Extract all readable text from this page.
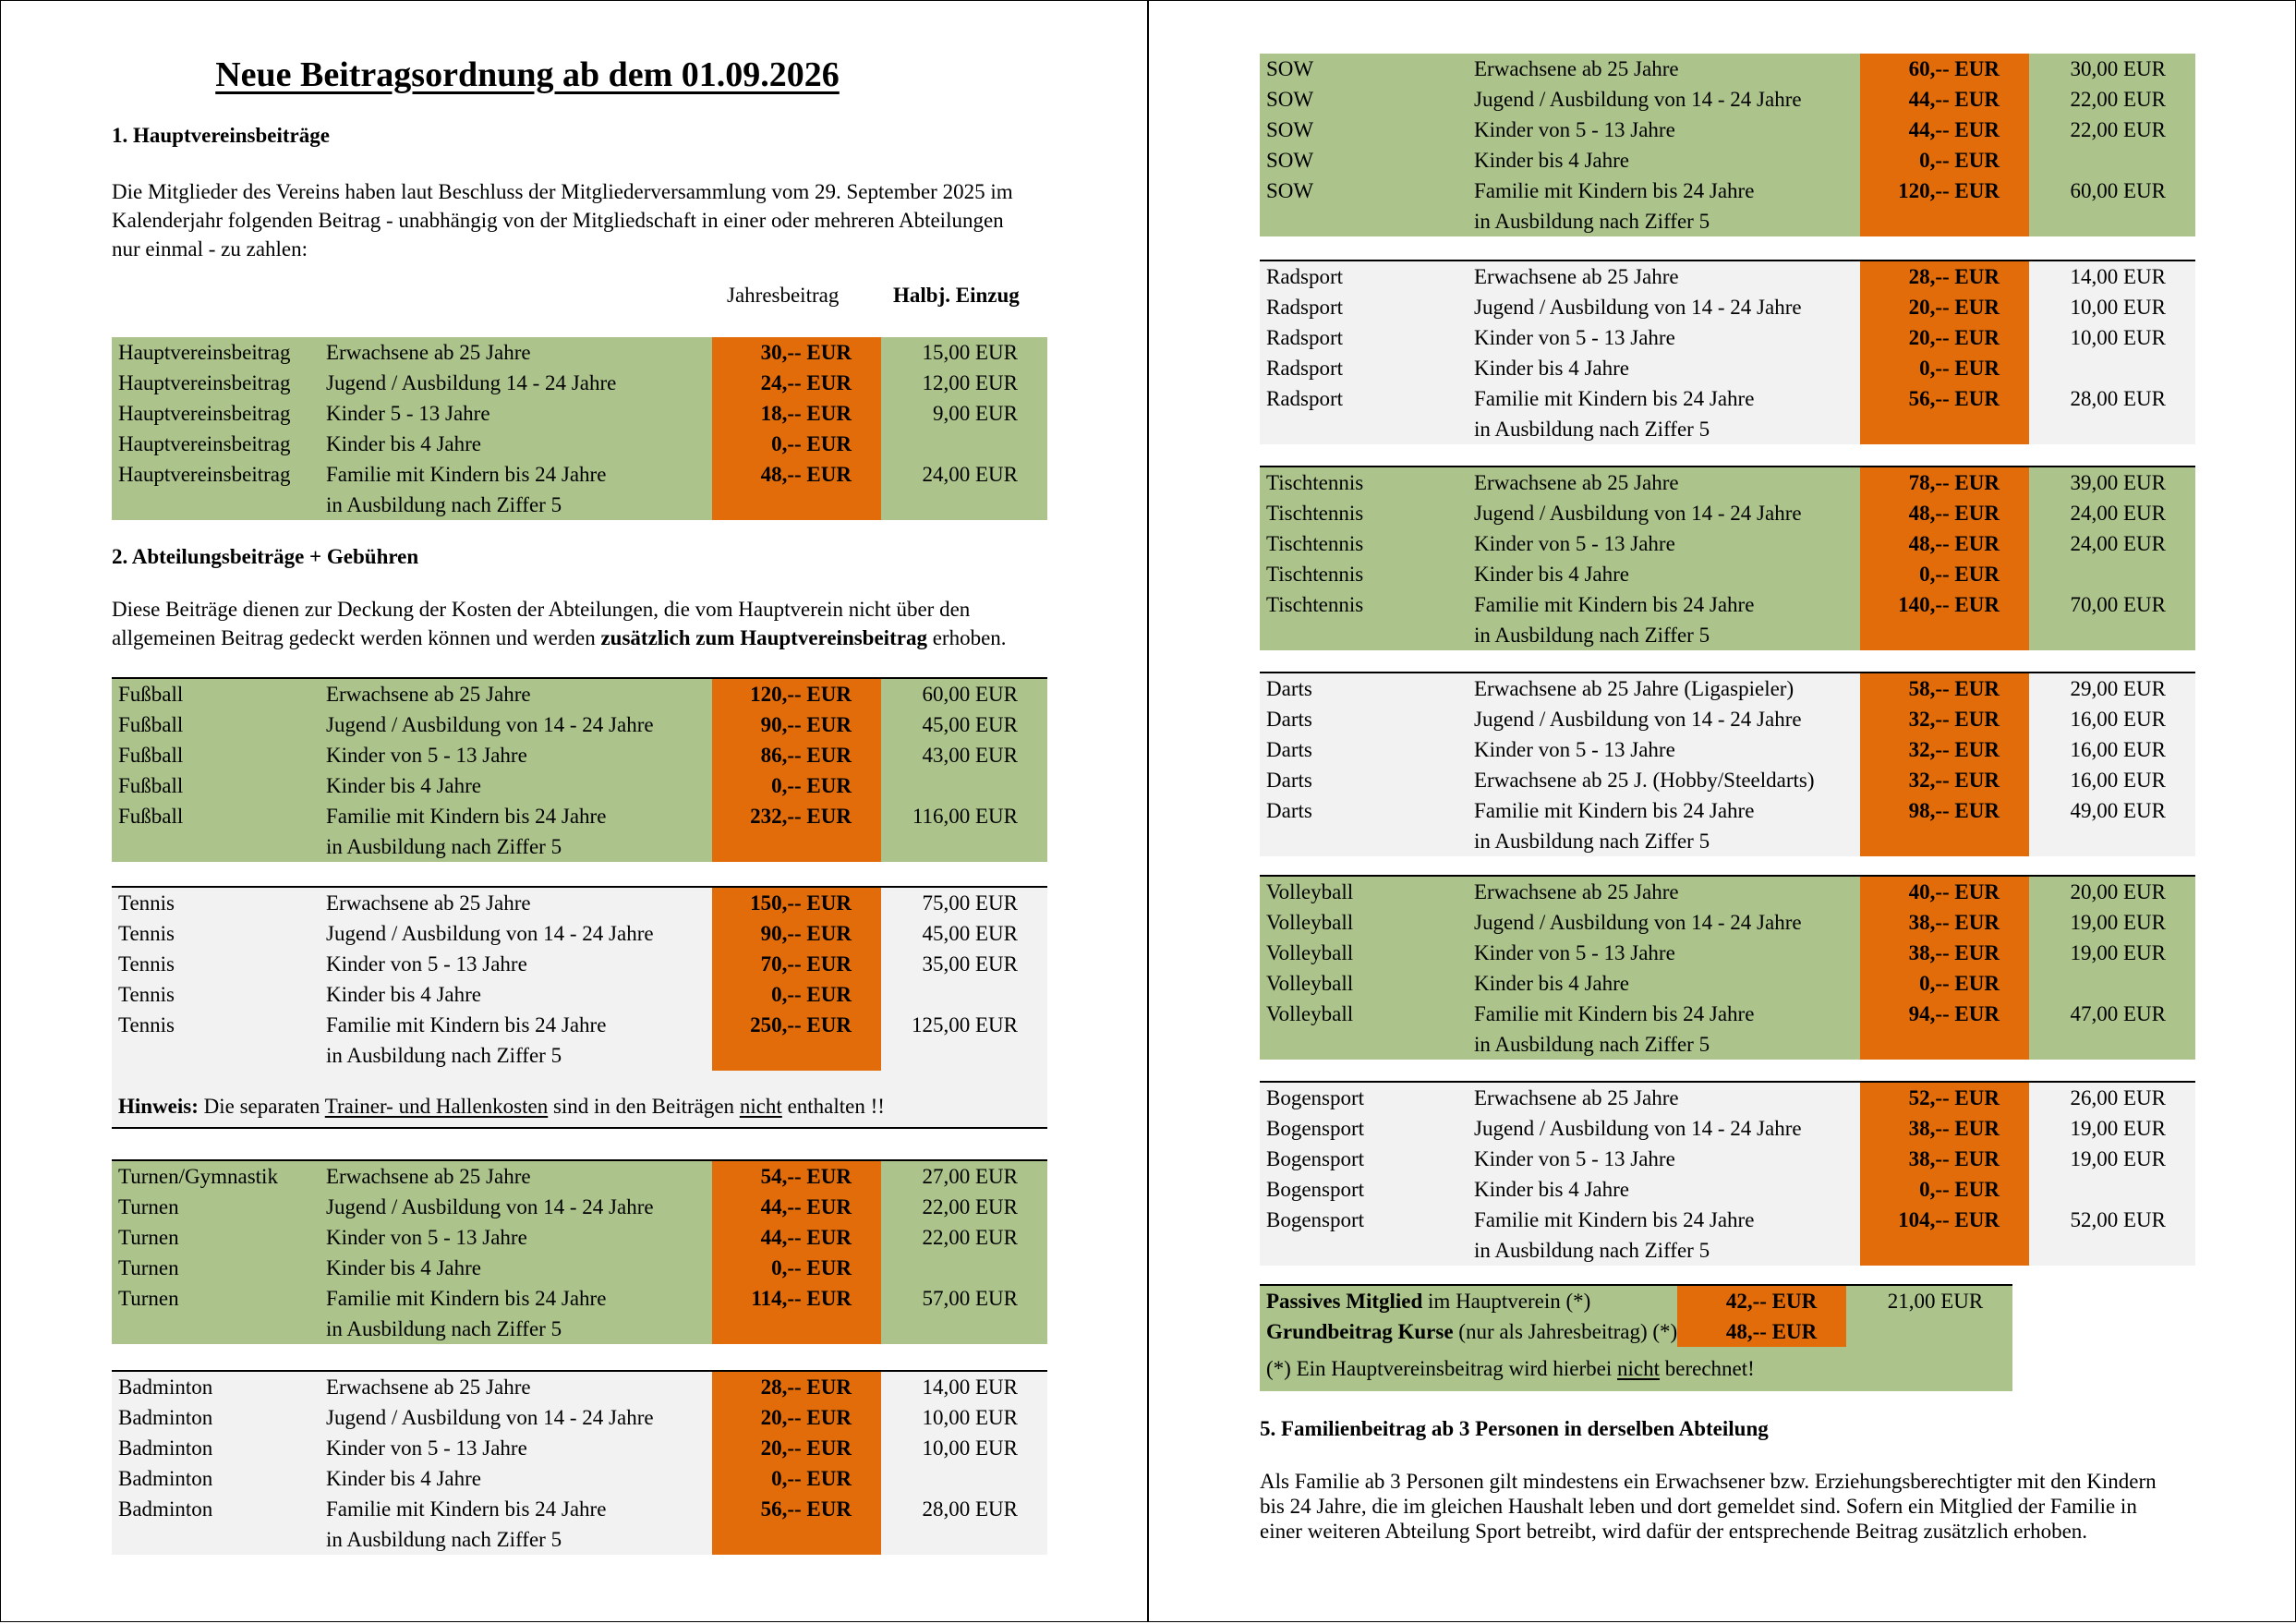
Neue Beitragsordnung ab dem 01.09.2026
1. Hauptvereinsbeiträge
Die Mitglieder des Vereins haben laut Beschluss der Mitgliederversammlung vom 29. September 2025 im
Kalenderjahr folgenden Beitrag - unabhängig von der Mitgliedschaft in einer oder mehreren Abteilungen
nur einmal - zu zahlen:
Jahresbeitrag	Halbj. Einzug
Hauptvereinsbeitrag	Erwachsene ab 25 Jahre	30,-- EUR	15,00 EUR
Hauptvereinsbeitrag	Jugend / Ausbildung 14 - 24 Jahre	24,-- EUR	12,00 EUR
Hauptvereinsbeitrag	Kinder 5 - 13 Jahre	18,-- EUR	9,00 EUR
Hauptvereinsbeitrag	Kinder bis 4 Jahre	0,-- EUR	
Hauptvereinsbeitrag	Familie mit Kindern bis 24 Jahre	48,-- EUR	24,00 EUR
	in Ausbildung nach Ziffer 5		
2. Abteilungsbeiträge + Gebühren
Diese Beiträge dienen zur Deckung der Kosten der Abteilungen, die vom Hauptverein nicht über den
allgemeinen Beitrag gedeckt werden können und werden zusätzlich zum Hauptvereinsbeitrag erhoben.
Fußball	Erwachsene ab 25 Jahre	120,-- EUR	60,00 EUR
Fußball	Jugend / Ausbildung von 14 - 24 Jahre	90,-- EUR	45,00 EUR
Fußball	Kinder von 5 - 13 Jahre	86,-- EUR	43,00 EUR
Fußball	Kinder bis 4 Jahre	0,-- EUR	
Fußball	Familie mit Kindern bis 24 Jahre	232,-- EUR	116,00 EUR
	in Ausbildung nach Ziffer 5		
Tennis	Erwachsene ab 25 Jahre	150,-- EUR	75,00 EUR
Tennis	Jugend / Ausbildung von 14 - 24 Jahre	90,-- EUR	45,00 EUR
Tennis	Kinder von 5 - 13 Jahre	70,-- EUR	35,00 EUR
Tennis	Kinder bis 4 Jahre	0,-- EUR	
Tennis	Familie mit Kindern bis 24 Jahre	250,-- EUR	125,00 EUR
	in Ausbildung nach Ziffer 5		

Hinweis: Die separaten Trainer- und Hallenkosten sind in den Beiträgen nicht enthalten !!			

Turnen/Gymnastik	Erwachsene ab 25 Jahre	54,-- EUR	27,00 EUR
Turnen	Jugend / Ausbildung von 14 - 24 Jahre	44,-- EUR	22,00 EUR
Turnen	Kinder von 5 - 13 Jahre	44,-- EUR	22,00 EUR
Turnen	Kinder bis 4 Jahre	0,-- EUR	
Turnen	Familie mit Kindern bis 24 Jahre	114,-- EUR	57,00 EUR
	in Ausbildung nach Ziffer 5		
Badminton	Erwachsene ab 25 Jahre	28,-- EUR	14,00 EUR
Badminton	Jugend / Ausbildung von 14 - 24 Jahre	20,-- EUR	10,00 EUR
Badminton	Kinder von 5 - 13 Jahre	20,-- EUR	10,00 EUR
Badminton	Kinder bis 4 Jahre	0,-- EUR	
Badminton	Familie mit Kindern bis 24 Jahre	56,-- EUR	28,00 EUR
	in Ausbildung nach Ziffer 5		
SOW	Erwachsene ab 25 Jahre	60,-- EUR	30,00 EUR
SOW	Jugend / Ausbildung von 14 - 24 Jahre	44,-- EUR	22,00 EUR
SOW	Kinder von 5 - 13 Jahre	44,-- EUR	22,00 EUR
SOW	Kinder bis 4 Jahre	0,-- EUR	
SOW	Familie mit Kindern bis 24 Jahre	120,-- EUR	60,00 EUR
	in Ausbildung nach Ziffer 5		
Radsport	Erwachsene ab 25 Jahre	28,-- EUR	14,00 EUR
Radsport	Jugend / Ausbildung von 14 - 24 Jahre	20,-- EUR	10,00 EUR
Radsport	Kinder von 5 - 13 Jahre	20,-- EUR	10,00 EUR
Radsport	Kinder bis 4 Jahre	0,-- EUR	
Radsport	Familie mit Kindern bis 24 Jahre	56,-- EUR	28,00 EUR
	in Ausbildung nach Ziffer 5		
Tischtennis	Erwachsene ab 25 Jahre	78,-- EUR	39,00 EUR
Tischtennis	Jugend / Ausbildung von 14 - 24 Jahre	48,-- EUR	24,00 EUR
Tischtennis	Kinder von 5 - 13 Jahre	48,-- EUR	24,00 EUR
Tischtennis	Kinder bis 4 Jahre	0,-- EUR	
Tischtennis	Familie mit Kindern bis 24 Jahre	140,-- EUR	70,00 EUR
	in Ausbildung nach Ziffer 5		
Darts	Erwachsene ab 25 Jahre (Ligaspieler)	58,-- EUR	29,00 EUR
Darts	Jugend / Ausbildung von 14 - 24 Jahre	32,-- EUR	16,00 EUR
Darts	Kinder von 5 - 13 Jahre	32,-- EUR	16,00 EUR
Darts	Erwachsene ab 25 J. (Hobby/Steeldarts)	32,-- EUR	16,00 EUR
Darts	Familie mit Kindern bis 24 Jahre	98,-- EUR	49,00 EUR
	in Ausbildung nach Ziffer 5		
Volleyball	Erwachsene ab 25 Jahre	40,-- EUR	20,00 EUR
Volleyball	Jugend / Ausbildung von 14 - 24 Jahre	38,-- EUR	19,00 EUR
Volleyball	Kinder von 5 - 13 Jahre	38,-- EUR	19,00 EUR
Volleyball	Kinder bis 4 Jahre	0,-- EUR	
Volleyball	Familie mit Kindern bis 24 Jahre	94,-- EUR	47,00 EUR
	in Ausbildung nach Ziffer 5		
Bogensport	Erwachsene ab 25 Jahre	52,-- EUR	26,00 EUR
Bogensport	Jugend / Ausbildung von 14 - 24 Jahre	38,-- EUR	19,00 EUR
Bogensport	Kinder von 5 - 13 Jahre	38,-- EUR	19,00 EUR
Bogensport	Kinder bis 4 Jahre	0,-- EUR	
Bogensport	Familie mit Kindern bis 24 Jahre	104,-- EUR	52,00 EUR
	in Ausbildung nach Ziffer 5		
Passives Mitglied im Hauptverein (*)	42,-- EUR	21,00 EUR
Grundbeitrag Kurse (nur als Jahresbeitrag) (*)	48,-- EUR	
(*) Ein Hauptvereinsbeitrag wird hierbei nicht berechnet!		
5. Familienbeitrag ab 3 Personen in derselben Abteilung
Als Familie ab 3 Personen gilt mindestens ein Erwachsener bzw. Erziehungsberechtigter mit den Kindern
bis 24 Jahre, die im gleichen Haushalt leben und dort gemeldet sind. Sofern ein Mitglied der Familie in
einer weiteren Abteilung Sport betreibt, wird dafür der entsprechende Beitrag zusätzlich erhoben.
